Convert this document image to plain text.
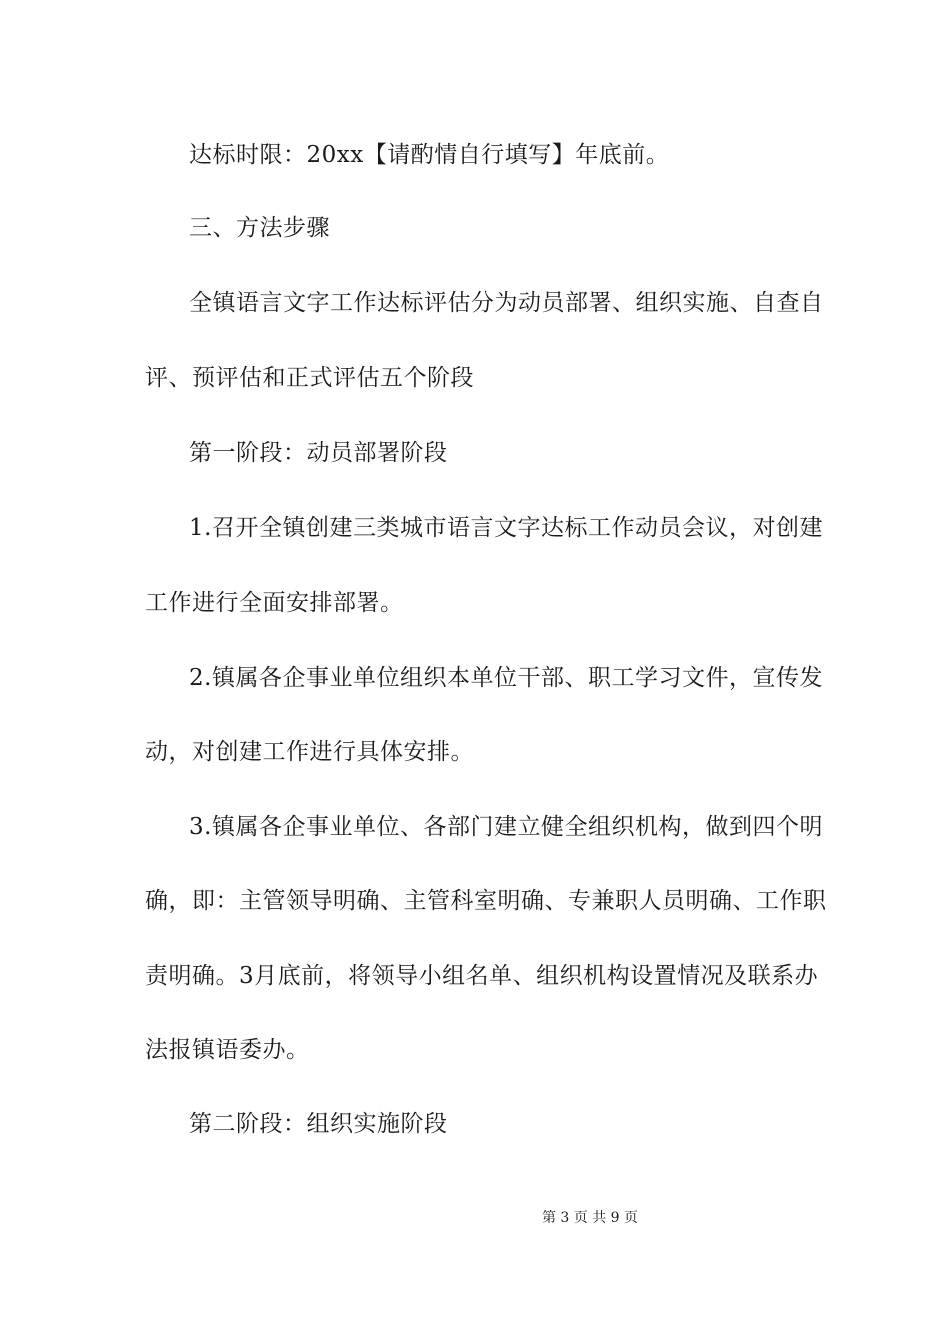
达标时限：20xx【请酌情自行填写】年底前。
三、方法步骤
全镇语言文字工作达标评估分为动员部署、组织实施、自查自
评、预评估和正式评估五个阶段
第一阶段：动员部署阶段
1.召开全镇创建三类城市语言文字达标工作动员会议，对创建
工作进行全面安排部署。
2.镇属各企事业单位组织本单位干部、职工学习文件，宣传发
动，对创建工作进行具体安排。
3.镇属各企事业单位、各部门建立健全组织机构，做到四个明
确，即：主管领导明确、主管科室明确、专兼职人员明确、工作职
责明确。3月底前，将领导小组名单、组织机构设置情况及联系办
法报镇语委办。
第二阶段：组织实施阶段
第 3 页 共 9 页
